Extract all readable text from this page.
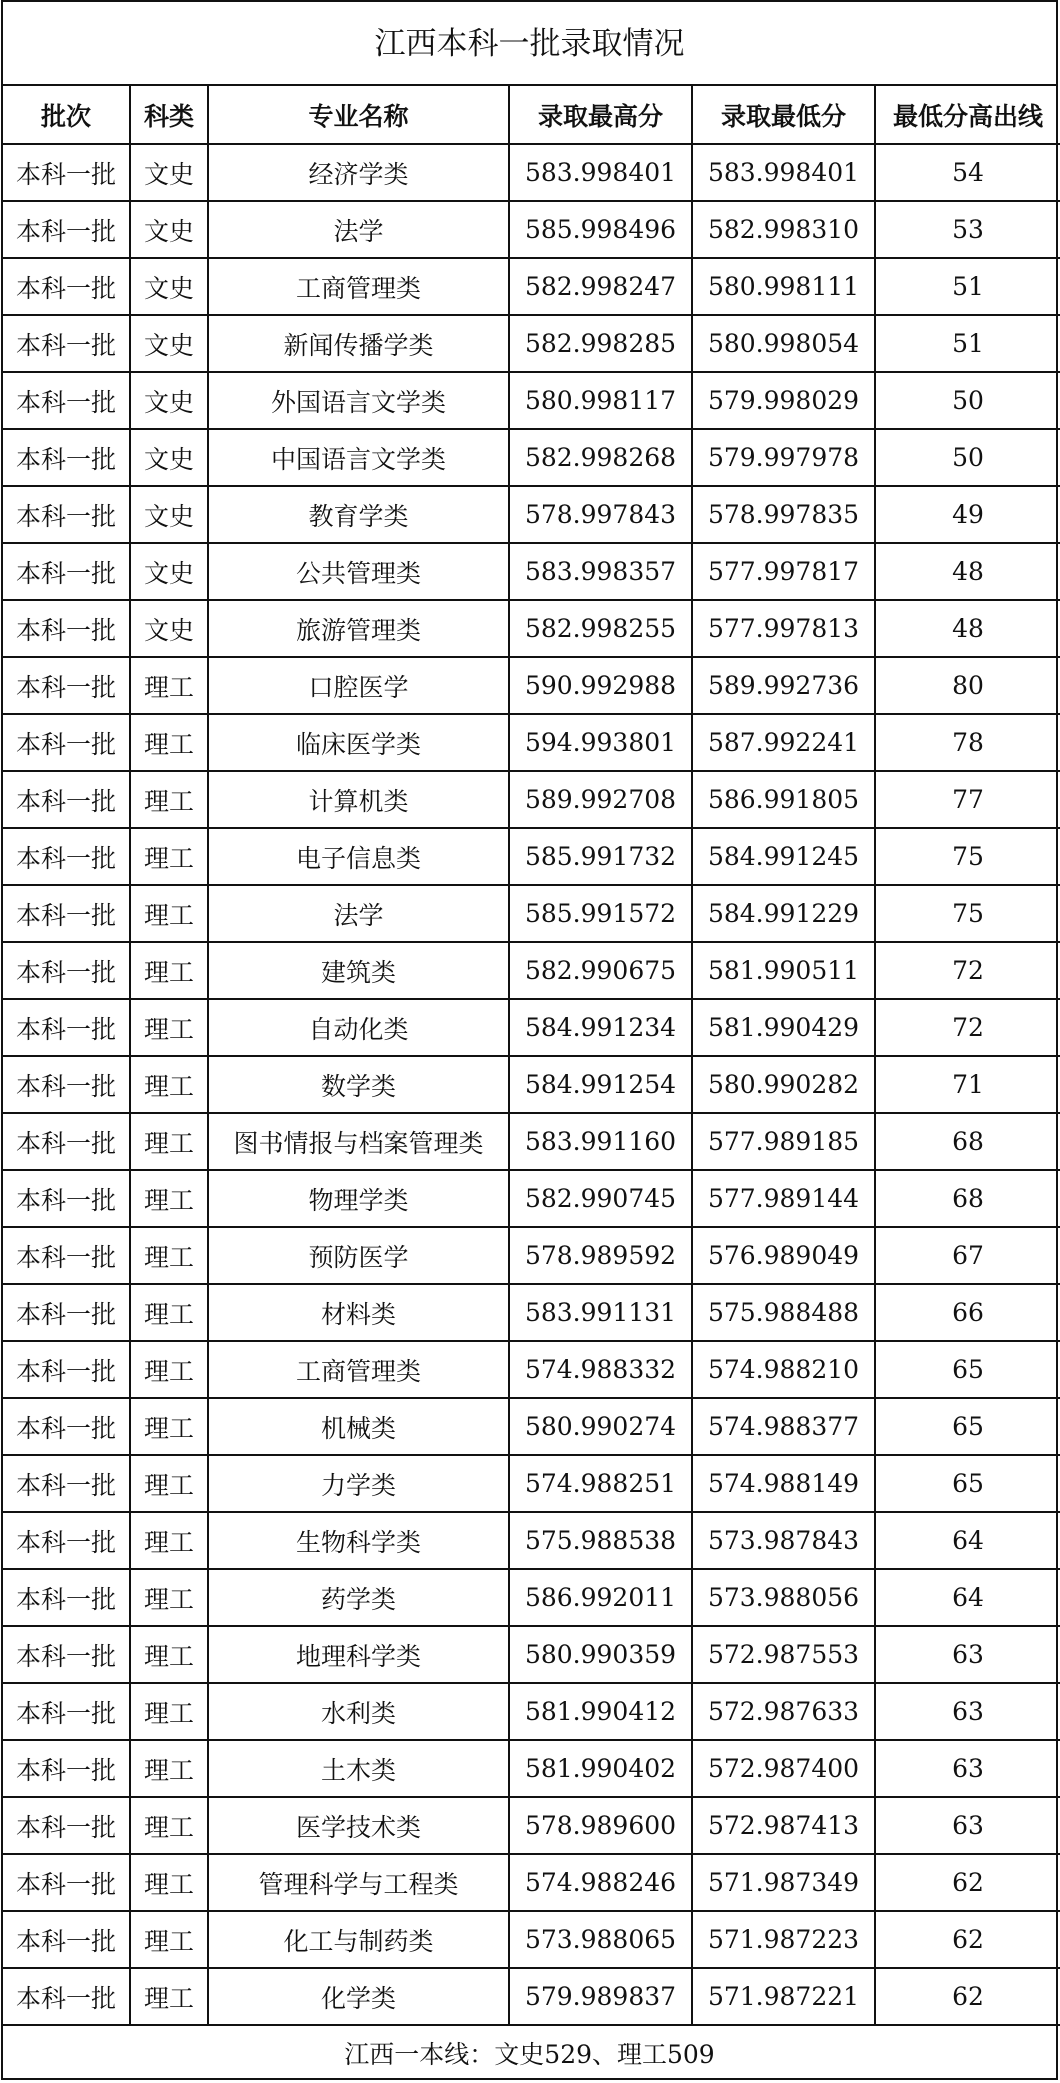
江西本科一批录取情况
批次	科类	专业名称	录取最高分	录取最低分	最低分高出线
本科一批	文史	经济学类	583.998401	583.998401	54
本科一批	文史	法学	585.998496	582.998310	53
本科一批	文史	工商管理类	582.998247	580.998111	51
本科一批	文史	新闻传播学类	582.998285	580.998054	51
本科一批	文史	外国语言文学类	580.998117	579.998029	50
本科一批	文史	中国语言文学类	582.998268	579.997978	50
本科一批	文史	教育学类	578.997843	578.997835	49
本科一批	文史	公共管理类	583.998357	577.997817	48
本科一批	文史	旅游管理类	582.998255	577.997813	48
本科一批	理工	口腔医学	590.992988	589.992736	80
本科一批	理工	临床医学类	594.993801	587.992241	78
本科一批	理工	计算机类	589.992708	586.991805	77
本科一批	理工	电子信息类	585.991732	584.991245	75
本科一批	理工	法学	585.991572	584.991229	75
本科一批	理工	建筑类	582.990675	581.990511	72
本科一批	理工	自动化类	584.991234	581.990429	72
本科一批	理工	数学类	584.991254	580.990282	71
本科一批	理工	图书情报与档案管理类	583.991160	577.989185	68
本科一批	理工	物理学类	582.990745	577.989144	68
本科一批	理工	预防医学	578.989592	576.989049	67
本科一批	理工	材料类	583.991131	575.988488	66
本科一批	理工	工商管理类	574.988332	574.988210	65
本科一批	理工	机械类	580.990274	574.988377	65
本科一批	理工	力学类	574.988251	574.988149	65
本科一批	理工	生物科学类	575.988538	573.987843	64
本科一批	理工	药学类	586.992011	573.988056	64
本科一批	理工	地理科学类	580.990359	572.987553	63
本科一批	理工	水利类	581.990412	572.987633	63
本科一批	理工	土木类	581.990402	572.987400	63
本科一批	理工	医学技术类	578.989600	572.987413	63
本科一批	理工	管理科学与工程类	574.988246	571.987349	62
本科一批	理工	化工与制药类	573.988065	571.987223	62
本科一批	理工	化学类	579.989837	571.987221	62
江西一本线：文史529、理工509
